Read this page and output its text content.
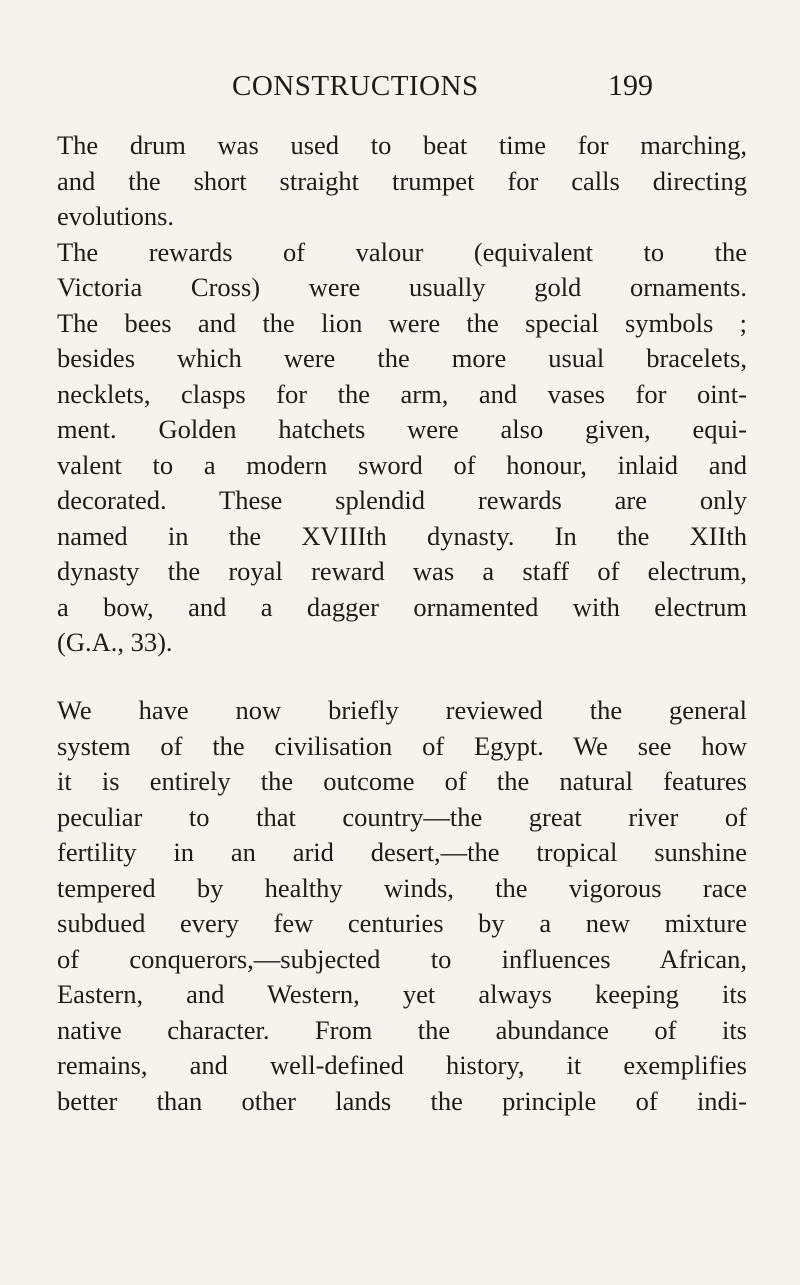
CONSTRUCTIONS	199

The drum was used to beat time for marching,
and the short straight trumpet for calls directing
evolutions.

The rewards of valour (equivalent to the
Victoria Cross) were usually gold ornaments.
The bees and the lion were the special symbols ;
besides which were the more usual bracelets,
necklets, clasps for the arm, and vases for oint-
ment. Golden hatchets were also given, equi-
valent to a modern sword of honour, inlaid and
decorated. These splendid rewards are only
named in the XVIIIth dynasty. In the XIIth
dynasty the royal reward was a staff of electrum,
a bow, and a dagger ornamented with electrum
(G.A., 33).

We have now briefly reviewed the general
system of the civilisation of Egypt. We see how
it is entirely the outcome of the natural features
peculiar to that country—the great river of
fertility in an arid desert,—the tropical sunshine
tempered by healthy winds, the vigorous race
subdued every few centuries by a new mixture
of conquerors,—subjected to influences African,
Eastern, and Western, yet always keeping its
native character. From the abundance of its
remains, and well-defined history, it exemplifies
better than other lands the principle of indi-
